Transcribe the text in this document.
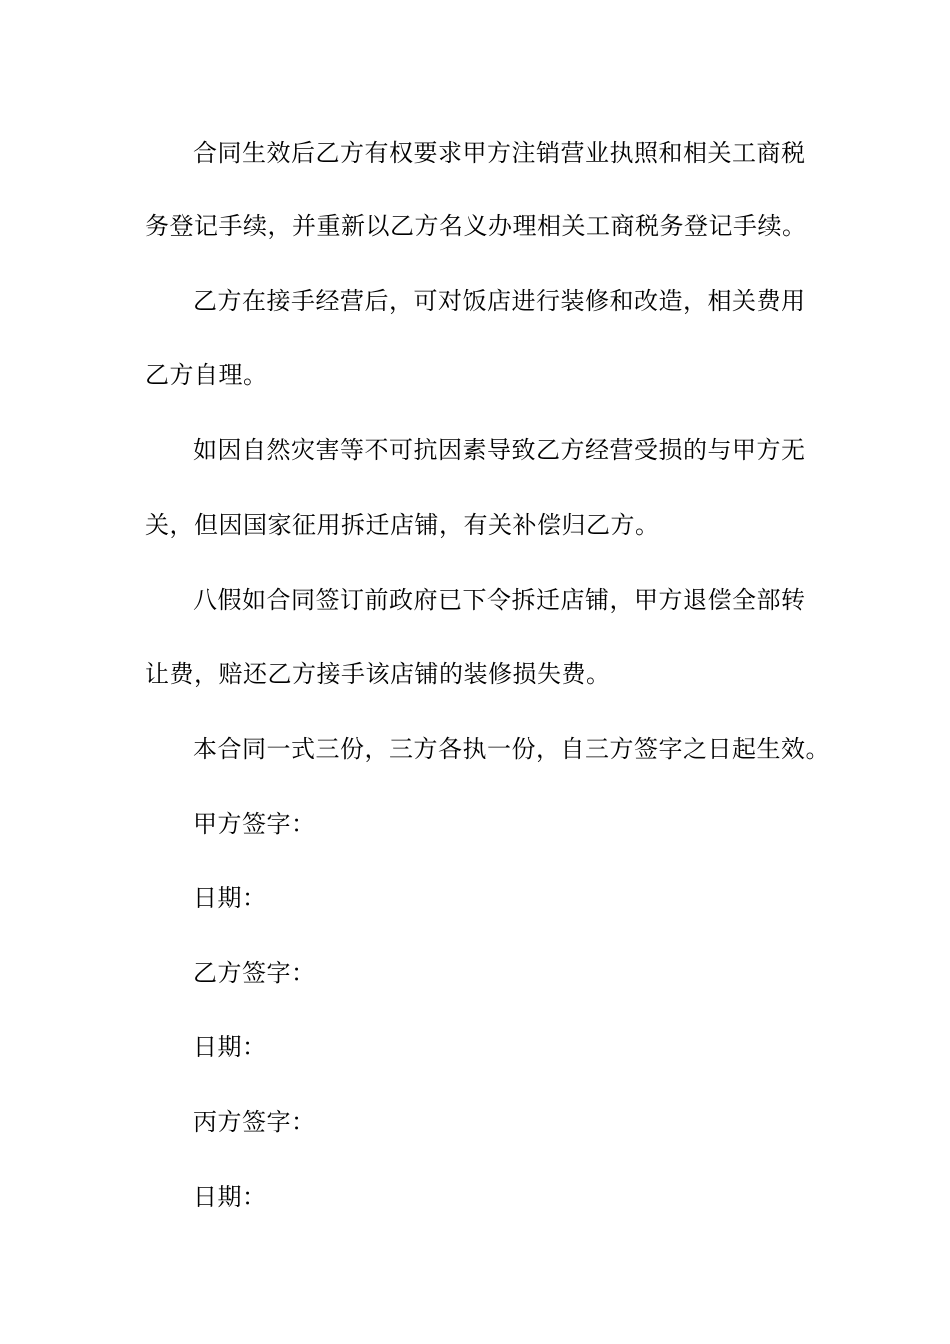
合同生效后乙方有权要求甲方注销营业执照和相关工商税
务登记手续，并重新以乙方名义办理相关工商税务登记手续。
乙方在接手经营后，可对饭店进行装修和改造，相关费用
乙方自理。
如因自然灾害等不可抗因素导致乙方经营受损的与甲方无
关，但因国家征用拆迁店铺，有关补偿归乙方。
八假如合同签订前政府已下令拆迁店铺，甲方退偿全部转
让费，赔还乙方接手该店铺的装修损失费。
本合同一式三份，三方各执一份，自三方签字之日起生效。
甲方签字：
日期：
乙方签字：
日期：
丙方签字：
日期：
